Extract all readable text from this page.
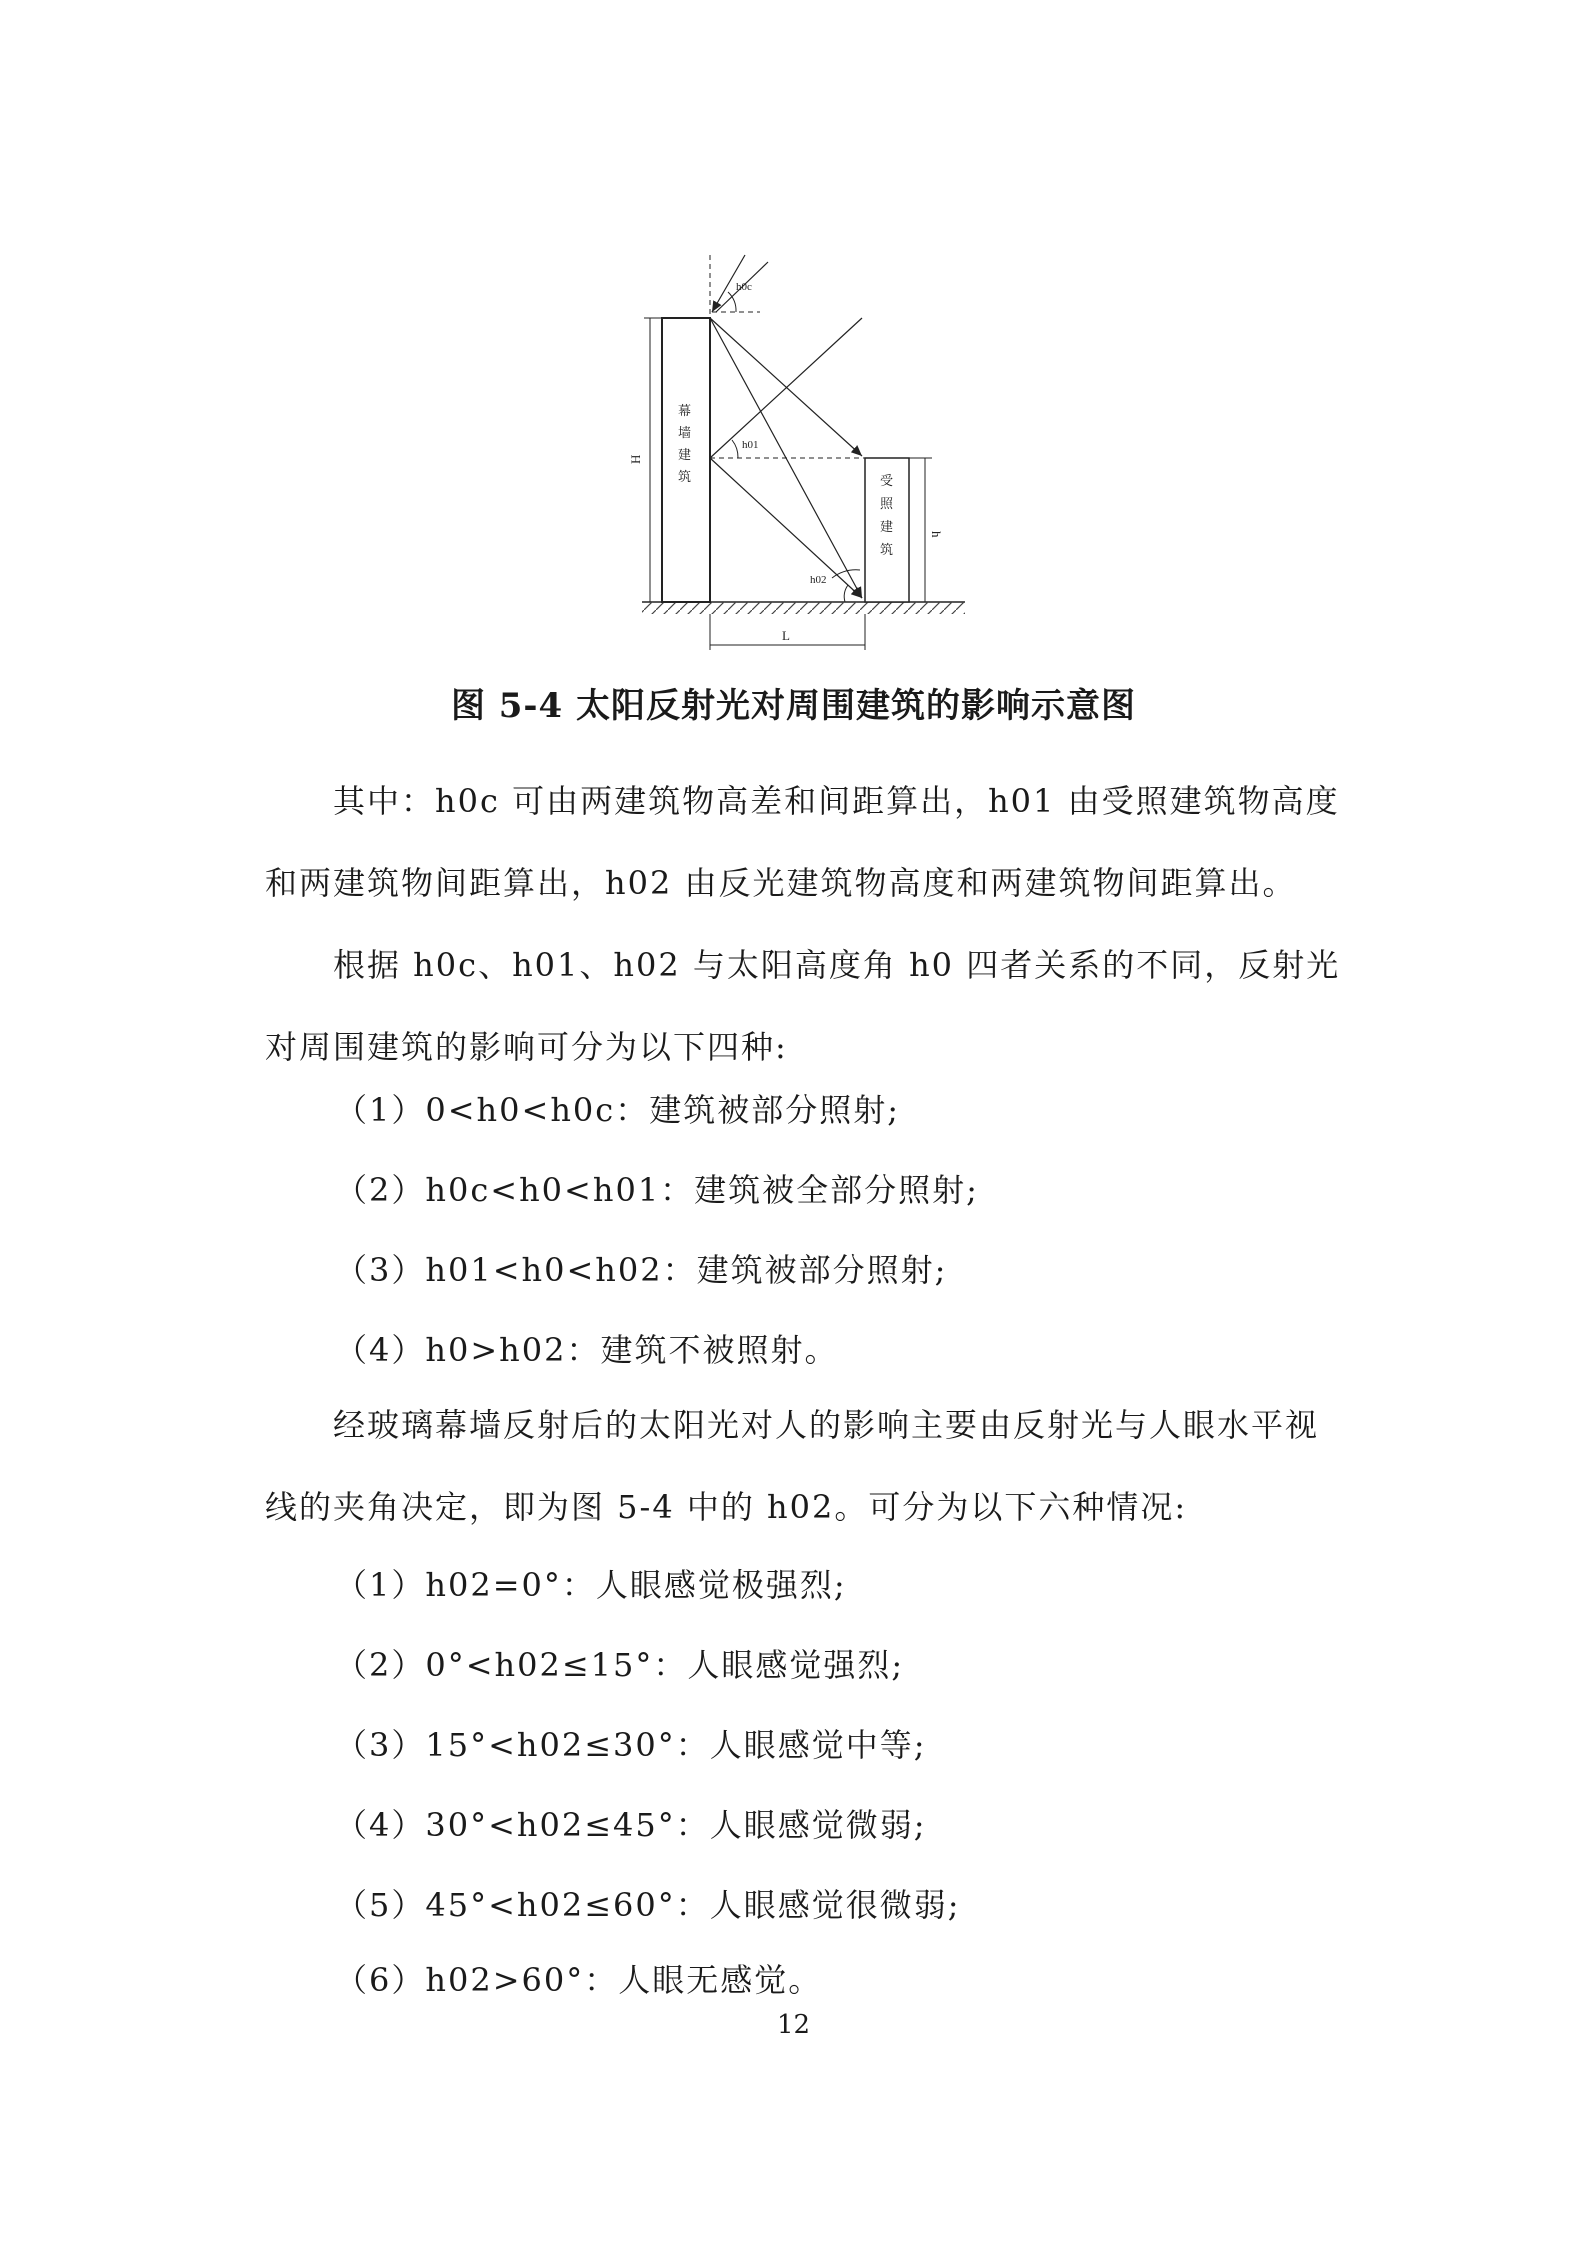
h0c
h01
h02
H
h
L
幕
墙
建
筑	受
照
建
筑
图 5-4 太阳反射光对周围建筑的影响示意图

　　其中：h0c 可由两建筑物高差和间距算出，h01 由受照建筑物高度和两建筑物间距算出，h02 由反光建筑物高度和两建筑物间距算出。

　　根据 h0c、h01、h02 与太阳高度角 h0 四者关系的不同，反射光对周围建筑的影响可分为以下四种:

（1）0<h0<h0c：建筑被部分照射;
（2）h0c<h0<h01：建筑被全部分照射;
（3）h01<h0<h02：建筑被部分照射;
（4）h0>h02：建筑不被照射。

　　经玻璃幕墙反射后的太阳光对人的影响主要由反射光与人眼水平视线的夹角决定，即为图 5-4 中的 h02。可分为以下六种情况:

（1）h02=0°：人眼感觉极强烈;
（2）0°<h02≤15°：人眼感觉强烈;
（3）15°<h02≤30°：人眼感觉中等;
（4）30°<h02≤45°：人眼感觉微弱;
（5）45°<h02≤60°：人眼感觉很微弱;
（6）h02>60°：人眼无感觉。
12
